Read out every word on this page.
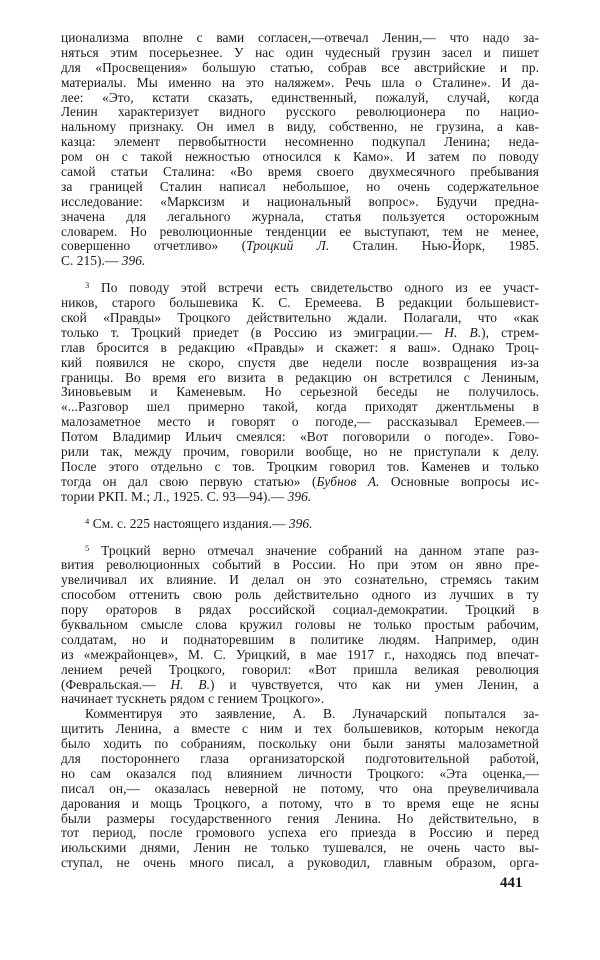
ционализма вполне с вами согласен,—отвечал Ленин,— что надо за-
няться этим посерьезнее. У нас один чудесный грузин засел и пишет
для «Просвещения» большую статью, собрав все австрийские и пр.
материалы. Мы именно на это наляжем». Речь шла о Сталине». И да-
лее: «Это, кстати сказать, единственный, пожалуй, случай, когда
Ленин характеризует видного русского революционера по нацио-
нальному признаку. Он имел в виду, собственно, не грузина, а кав-
казца: элемент первобытности несомненно подкупал Ленина; неда-
ром он с такой нежностью относился к Камо». И затем по поводу
самой статьи Сталина: «Во время своего двухмесячного пребывания
за границей Сталин написал небольшое, но очень содержательное
исследование: «Марксизм и национальный вопрос». Будучи предна-
значена для легального журнала, статья пользуется осторожным
словарем. Но революционные тенденции ее выступают, тем не менее,
совершенно отчетливо» (Троцкий Л. Сталин. Нью-Йорк, 1985.
С. 215).— 396.
$^3$ По поводу этой встречи есть свидетельство одного из ее участ-
ников, старого большевика К. С. Еремеева. В редакции большевист-
ской «Правды» Троцкого действительно ждали. Полагали, что «как
только т. Троцкий приедет (в Россию из эмиграции.— Н. В.), стрем-
глав бросится в редакцию «Правды» и скажет: я ваш». Однако Троц-
кий появился не скоро, спустя две недели после возвращения из-за
границы. Во время его визита в редакцию он встретился с Лениным,
Зиновьевым и Каменевым. Но серьезной беседы не получилось.
«...Разговор шел примерно такой, когда приходят джентльмены в
малозаметное место и говорят о погоде,— рассказывал Еремеев.—
Потом Владимир Ильич смеялся: «Вот поговорили о погоде». Гово-
рили так, между прочим, говорили вообще, но не приступали к делу.
После этого отдельно с тов. Троцким говорил тов. Каменев и только
тогда он дал свою первую статью» (Бубнов А. Основные вопросы ис-
тории РКП. М.; Л., 1925. С. 93—94).— 396.
$^4$ См. с. 225 настоящего издания.— 396.
$^5$ Троцкий верно отмечал значение собраний на данном этапе раз-
вития революционных событий в России. Но при этом он явно пре-
увеличивал их влияние. И делал он это сознательно, стремясь таким
способом оттенить свою роль действительно одного из лучших в ту
пору ораторов в рядах российской социал-демократии. Троцкий в
буквальном смысле слова кружил головы не только простым рабочим,
солдатам, но и поднаторевшим в политике людям. Например, один
из «межрайонцев», М. С. Урицкий, в мае 1917 г., находясь под впечат-
лением речей Троцкого, говорил: «Вот пришла великая революция
(Февральская.— Н. В.) и чувствуется, что как ни умен Ленин, а
начинает тускнеть рядом с гением Троцкого».
Комментируя это заявление, А. В. Луначарский попытался за-
щитить Ленина, а вместе с ним и тех большевиков, которым некогда
было ходить по собраниям, поскольку они были заняты малозаметной
для постороннего глаза организаторской подготовительной работой,
но сам оказался под влиянием личности Троцкого: «Эта оценка,—
писал он,— оказалась неверной не потому, что она преувеличивала
дарования и мощь Троцкого, а потому, что в то время еще не ясны
были размеры государственного гения Ленина. Но действительно, в
тот период, после громового успеха его приезда в Россию и перед
июльскими днями, Ленин не только тушевался, не очень часто вы-
ступал, не очень много писал, а руководил, главным образом, орга-
441
